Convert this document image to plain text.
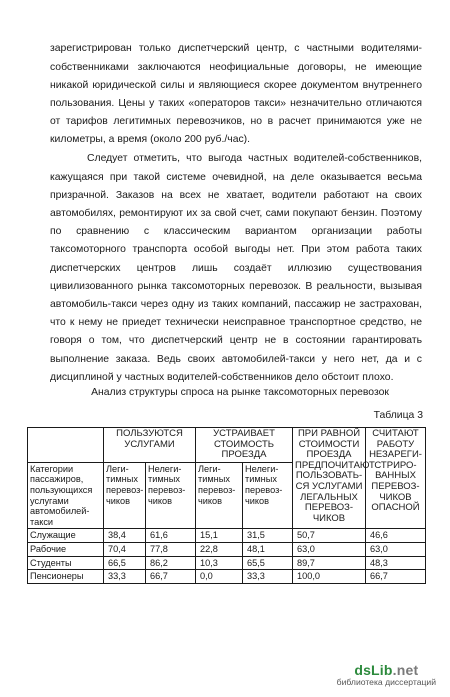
зарегистрирован только диспетчерский центр, с частными водителями-собственниками заключаются неофициальные договоры, не имеющие никакой юридической силы и являющиеся скорее документом внутреннего пользования. Цены у таких «операторов такси» незначительно отличаются от тарифов легитимных перевозчиков, но в расчет принимаются уже не километры, а время (около 200 руб./час).

Следует отметить, что выгода частных водителей-собственников, кажущаяся при такой системе очевидной, на деле оказывается весьма призрачной. Заказов на всех не хватает, водители работают на своих автомобилях, ремонтируют их за свой счет, сами покупают бензин. Поэтому по сравнению с классическим вариантом организации работы таксомоторного транспорта особой выгоды нет. При этом работа таких диспетчерских центров лишь создаёт иллюзию существования цивилизованного рынка таксомоторных перевозок. В реальности, вызывая автомобиль-такси через одну из таких компаний, пассажир не застрахован, что к нему не приедет технически неисправное транспортное средство, не говоря о том, что диспетчерский центр не в состоянии гарантировать выполнение заказа. Ведь своих автомобилей-такси у него нет, да и с дисциплиной у частных водителей-собственников дело обстоит плохо.

Анализ структуры спроса на рынке таксомоторных перевозок
Таблица 3
	ПОЛЬЗУЮТСЯ УСЛУГАМИ		УСТРАИВАЕТ СТОИМОСТЬ ПРОЕЗДА		ПРИ РАВНОЙ СТОИМОСТИ ПРОЕЗДА ПРЕДПОЧИТАЮТ ПОЛЬЗОВАТЬ-СЯ УСЛУГАМИ ЛЕГАЛЬНЫХ ПЕРЕВОЗ-ЧИКОВ	СЧИТАЮТ РАБОТУ НЕЗАРЕГИ-СТРИРО-ВАННЫХ ПЕРЕВОЗ-ЧИКОВ ОПАСНОЙ
Категории пассажиров, пользующихся услугами автомобилей-такси	Леги-тимных перевоз-чиков	Нелеги-тимных перевоз-чиков	Леги-тимных перевоз-чиков	Нелеги-тимных перевоз-чиков		
Служащие	38,4	61,6	15,1	31,5	50,7	46,6
Рабочие	70,4	77,8	22,8	48,1	63,0	63,0
Студенты	66,5	86,2	10,3	65,5	89,7	48,3
Пенсионеры	33,3	66,7	0,0	33,3	100,0	66,7
dsLib.net
библиотека диссертаций
